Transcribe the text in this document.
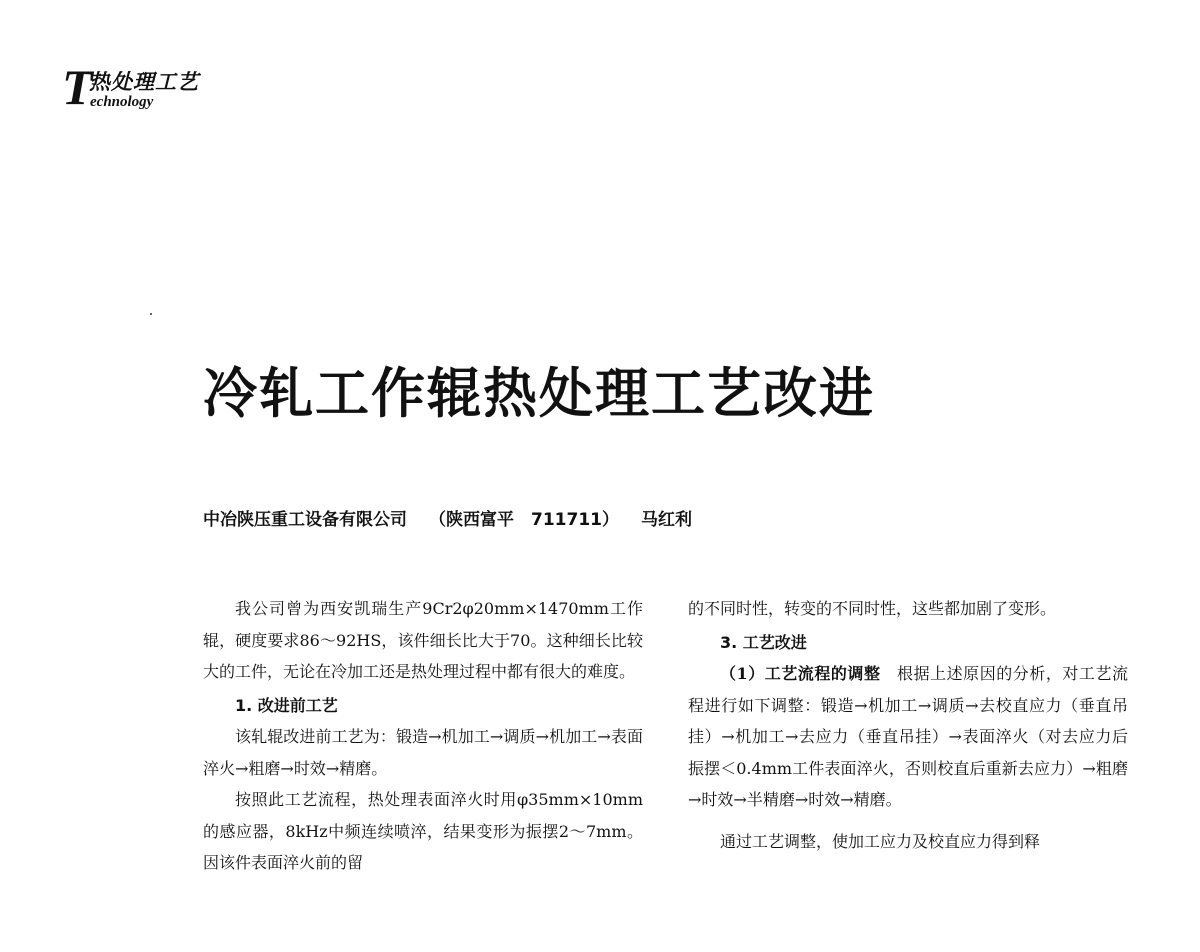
T
热处理工艺
echnology
冷轧工作辊热处理工艺改进
中冶陕压重工设备有限公司 （陕西富平　711711） 马红利

我公司曾为西安凯瑞生产9Cr2φ20mm×1470mm工作辊，硬度要求86～92HS，该件细长比大于70。这种细长比较大的工件，无论在冷加工还是热处理过程中都有很大的难度。

1. 改进前工艺

该轧辊改进前工艺为：锻造→机加工→调质→机加工→表面淬火→粗磨→时效→精磨。

按照此工艺流程，热处理表面淬火时用φ35mm×10mm 的感应器，8kHz中频连续喷淬，结果变形为振摆2～7mm。因该件表面淬火前的留

的不同时性，转变的不同时性，这些都加剧了变形。

3. 工艺改进

（1）工艺流程的调整　根据上述原因的分析，对工艺流程进行如下调整：锻造→机加工→调质→去校直应力（垂直吊挂）→机加工→去应力（垂直吊挂）→表面淬火（对去应力后振摆＜0.4mm工件表面淬火，否则校直后重新去应力）→粗磨→时效→半精磨→时效→精磨。

通过工艺调整，使加工应力及校直应力得到释
